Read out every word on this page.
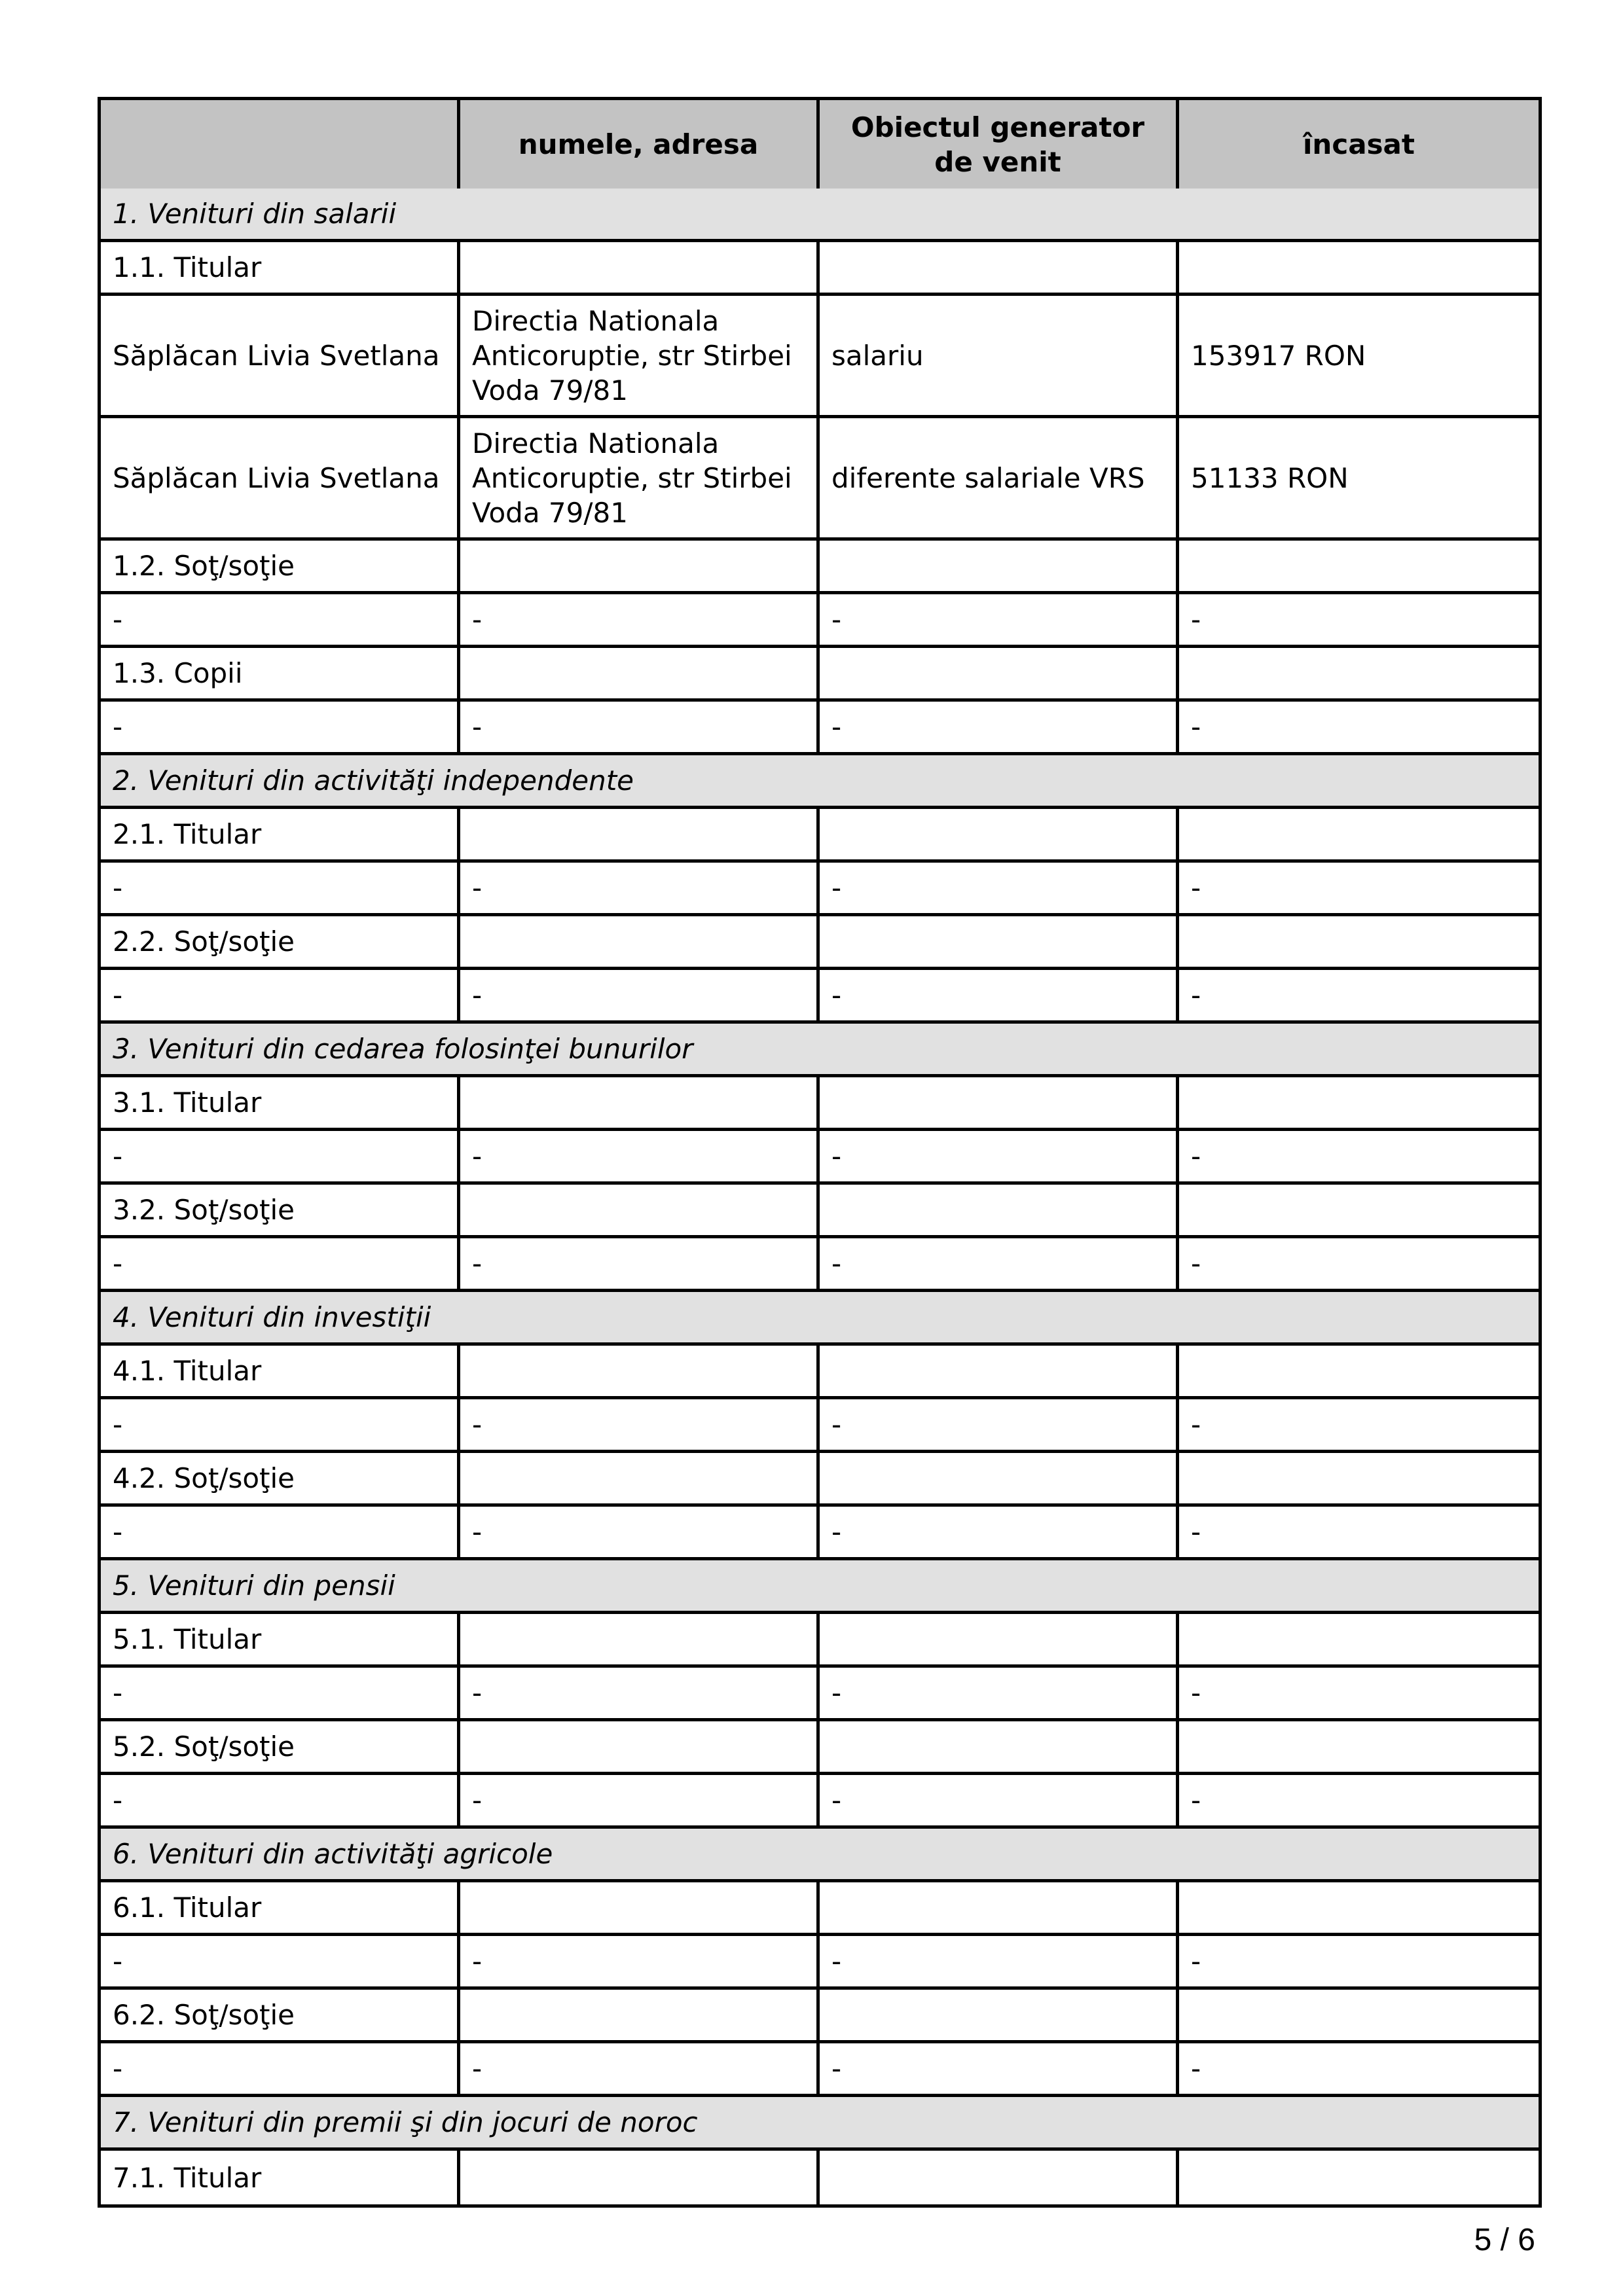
	numele, adresa	Obiectul generator de venit	încasat
1. Venituri din salarii			
1.1. Titular			
Săplăcan Livia Svetlana	Directia Nationala Anticoruptie, str Stirbei Voda 79/81	salariu	153917 RON
Săplăcan Livia Svetlana	Directia Nationala Anticoruptie, str Stirbei Voda 79/81	diferente salariale VRS	51133 RON
1.2. Soţ/soţie			
-	-	-	-
1.3. Copii			
-	-	-	-
2. Venituri din activităţi independente			
2.1. Titular			
-	-	-	-
2.2. Soţ/soţie			
-	-	-	-
3. Venituri din cedarea folosinţei bunurilor			
3.1. Titular			
-	-	-	-
3.2. Soţ/soţie			
-	-	-	-
4. Venituri din investiţii			
4.1. Titular			
-	-	-	-
4.2. Soţ/soţie			
-	-	-	-
5. Venituri din pensii			
5.1. Titular			
-	-	-	-
5.2. Soţ/soţie			
-	-	-	-
6. Venituri din activităţi agricole			
6.1. Titular			
-	-	-	-
6.2. Soţ/soţie			
-	-	-	-
7. Venituri din premii şi din jocuri de noroc			
7.1. Titular			
5 / 6
